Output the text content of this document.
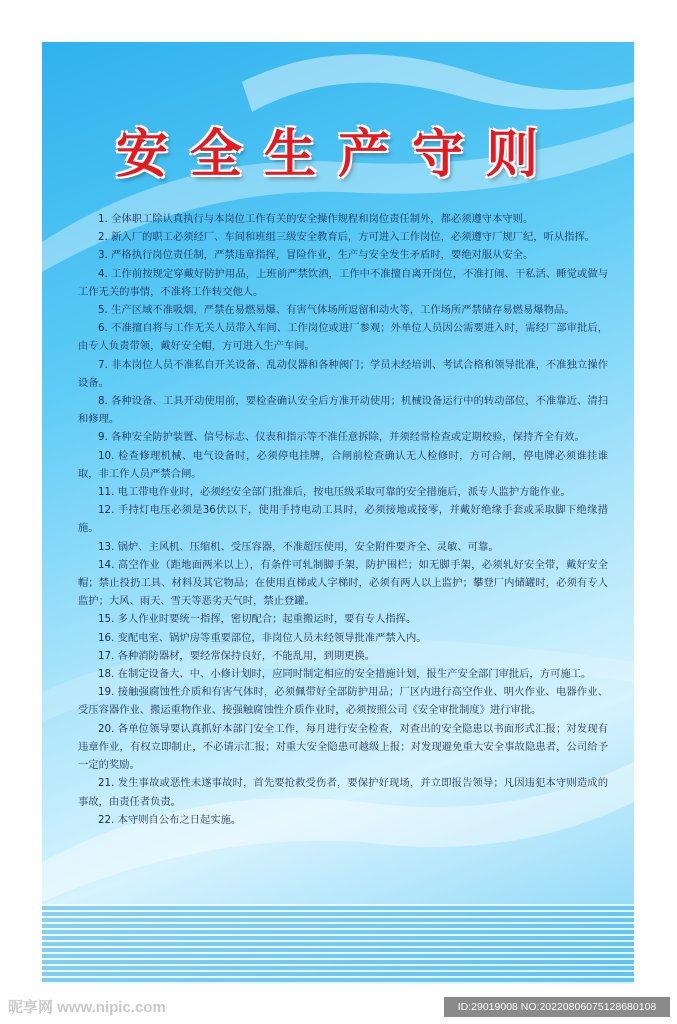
安全生产守则
1. 全体职工除认真执行与本岗位工作有关的安全操作规程和岗位责任制外，都必须遵守本守则。
2. 新入厂的职工必须经厂、车间和班组三级安全教育后，方可进入工作岗位，必须遵守厂规厂纪，听从指挥。
3. 严格执行岗位责任制，严禁违章指挥，冒险作业，生产与安全发生矛盾时，要绝对服从安全。
4. 工作前按规定穿戴好防护用品，上班前严禁饮酒，工作中不准擅自离开岗位，不准打闹、干私活、睡觉或做与工作无关的事情，不准将工作转交他人。
5. 生产区域不准吸烟，严禁在易燃易爆、有害气体场所逗留和动火等，工作场所严禁储存易燃易爆物品。
6. 不准擅自将与工作无关人员带入车间、工作岗位或进厂参观；外单位人员因公需要进入时，需经厂部审批后，由专人负责带领，戴好安全帽，方可进入生产车间。
7. 非本岗位人员不准私自开关设备、乱动仪器和各种阀门；学员未经培训、考试合格和领导批准，不准独立操作设备。
8. 各种设备、工具开动使用前，要检查确认安全后方准开动使用；机械设备运行中的转动部位，不准靠近、清扫和修理。
9. 各种安全防护装置、信号标志、仪表和指示等不准任意拆除，并须经常检查或定期校验，保持齐全有效。
10. 检查修理机械、电气设备时，必须停电挂牌，合闸前检查确认无人检修时，方可合闸，停电牌必须谁挂谁取，非工作人员严禁合闸。
11. 电工带电作业时，必须经安全部门批准后，按电压级采取可靠的安全措施后，派专人监护方能作业。
12. 手持灯电压必须是36伏以下，使用手持电动工具时，必须接地或接零，并戴好绝缘手套或采取脚下绝缘措施。
13. 锅炉、主风机、压缩机、受压容器，不准超压使用，安全附件要齐全、灵敏、可靠。
14. 高空作业（距地面两米以上），有条件可轧制脚手架，防护围栏；如无脚手架，必须轧好安全带，戴好安全帽；禁止投扔工具、材料及其它物品；在使用直梯或人字梯时，必须有两人以上监护；攀登厂内储罐时，必须有专人监护；大风、雨天、雪天等恶劣天气时，禁止登罐。
15. 多人作业时要统一指挥，密切配合；起重搬运时，要有专人指挥。
16. 变配电室、锅炉房等重要部位，非岗位人员未经领导批准严禁入内。
17. 各种消防器材，要经常保持良好，不能乱用，到期更换。
18. 在制定设备大、中、小修计划时，应同时制定相应的安全措施计划，报生产安全部门审批后，方可施工。
19. 接触强腐蚀性介质和有害气体时，必须佩带好全部防护用品；厂区内进行高空作业、明火作业、电器作业、受压容器作业、搬运重物作业、接强触腐蚀性介质作业时，必须按照公司《安全审批制度》进行审批。
20. 各单位领导要认真抓好本部门安全工作，每月进行安全检查，对查出的安全隐患以书面形式汇报；对发现有违章作业，有权立即制止，不必请示汇报；对重大安全隐患可越级上报；对发现避免重大安全事故隐患者，公司给予一定的奖励。
21. 发生事故或恶性未遂事故时，首先要抢救受伤者，要保护好现场，并立即报告领导；凡因违犯本守则造成的事故，由责任者负责。
22. 本守则自公布之日起实施。
昵享网 www.nipic.com	ID:29019008 NO:20220806075128680108
